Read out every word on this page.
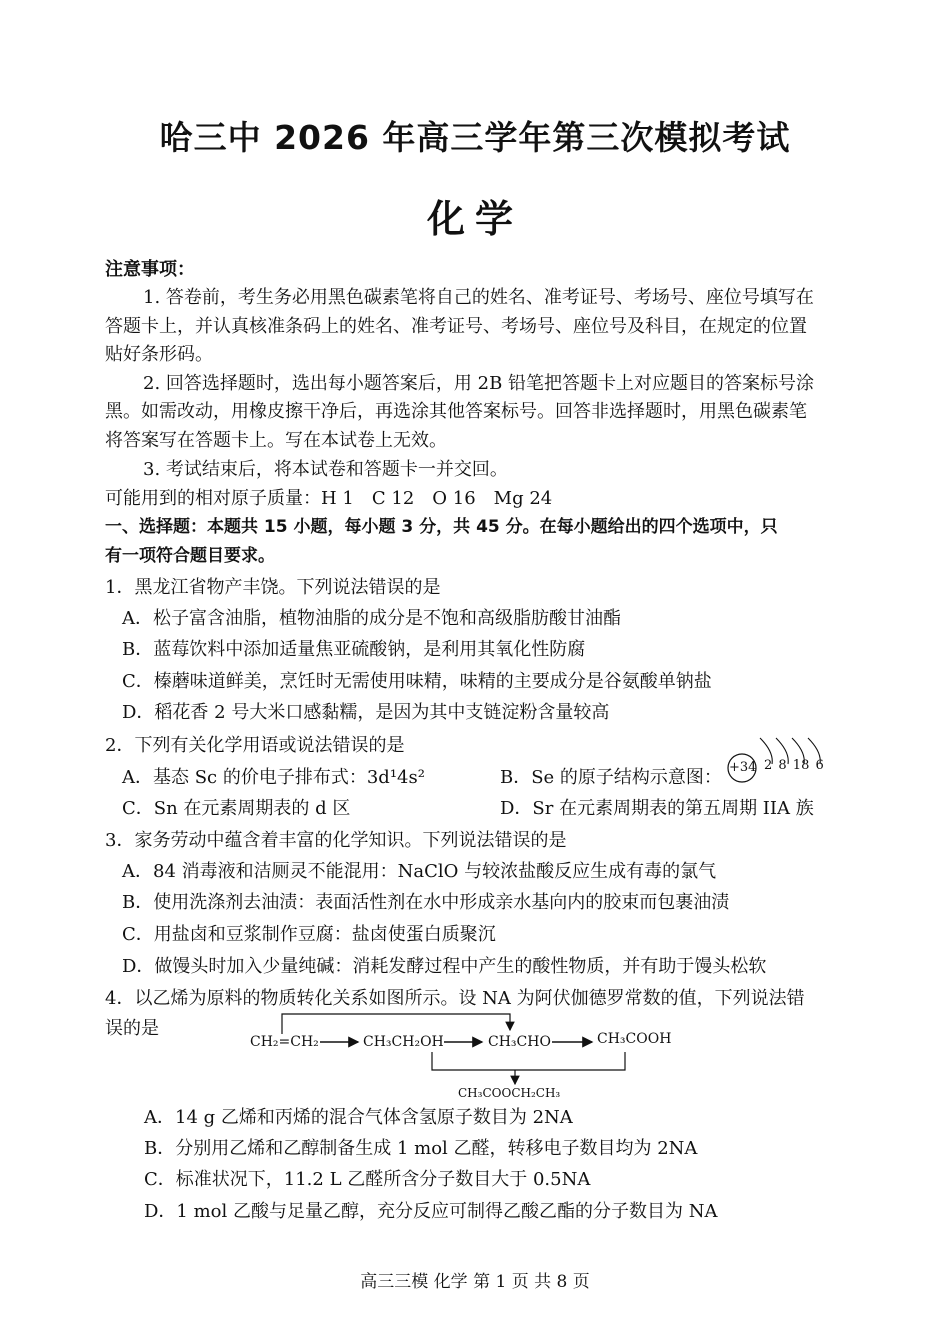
哈三中 2026 年高三学年第三次模拟考试
化学
注意事项：
1. 答卷前，考生务必用黑色碳素笔将自己的姓名、准考证号、考场号、座位号填写在
答题卡上，并认真核准条码上的姓名、准考证号、考场号、座位号及科目，在规定的位置
贴好条形码。
2. 回答选择题时，选出每小题答案后，用 2B 铅笔把答题卡上对应题目的答案标号涂
黑。如需改动，用橡皮擦干净后，再选涂其他答案标号。回答非选择题时，用黑色碳素笔
将答案写在答题卡上。写在本试卷上无效。
3. 考试结束后，将本试卷和答题卡一并交回。
可能用到的相对原子质量：H 1　C 12　O 16　Mg 24
一、选择题：本题共 15 小题，每小题 3 分，共 45 分。在每小题给出的四个选项中，只
有一项符合题目要求。
1．黑龙江省物产丰饶。下列说法错误的是
A．松子富含油脂，植物油脂的成分是不饱和高级脂肪酸甘油酯
B．蓝莓饮料中添加适量焦亚硫酸钠，是利用其氧化性防腐
C．榛蘑味道鲜美，烹饪时无需使用味精，味精的主要成分是谷氨酸单钠盐
D．稻花香 2 号大米口感黏糯，是因为其中支链淀粉含量较高
2．下列有关化学用语或说法错误的是
A．基态 Sc 的价电子排布式：3d¹4s²	B．Se 的原子结构示意图： +34 2 8 18 6
C．Sn 在元素周期表的 d 区	D．Sr 在元素周期表的第五周期 IIA 族
3．家务劳动中蕴含着丰富的化学知识。下列说法错误的是
A．84 消毒液和洁厕灵不能混用：NaClO 与较浓盐酸反应生成有毒的氯气
B．使用洗涤剂去油渍：表面活性剂在水中形成亲水基向内的胶束而包裹油渍
C．用盐卤和豆浆制作豆腐：盐卤使蛋白质聚沉
D．做馒头时加入少量纯碱：消耗发酵过程中产生的酸性物质，并有助于馒头松软
4．以乙烯为原料的物质转化关系如图所示。设 NA 为阿伏伽德罗常数的值，下列说法错
误的是
CH₂=CH₂	CH₃CH₂OH	CH₃CHO	CH₃COOH
CH₃COOCH₂CH₃
A．14 g 乙烯和丙烯的混合气体含氢原子数目为 2NA
B．分别用乙烯和乙醇制备生成 1 mol 乙醛，转移电子数目均为 2NA
C．标准状况下，11.2 L 乙醛所含分子数目大于 0.5NA
D．1 mol 乙酸与足量乙醇，充分反应可制得乙酸乙酯的分子数目为 NA
高三三模 化学 第 1 页 共 8 页
